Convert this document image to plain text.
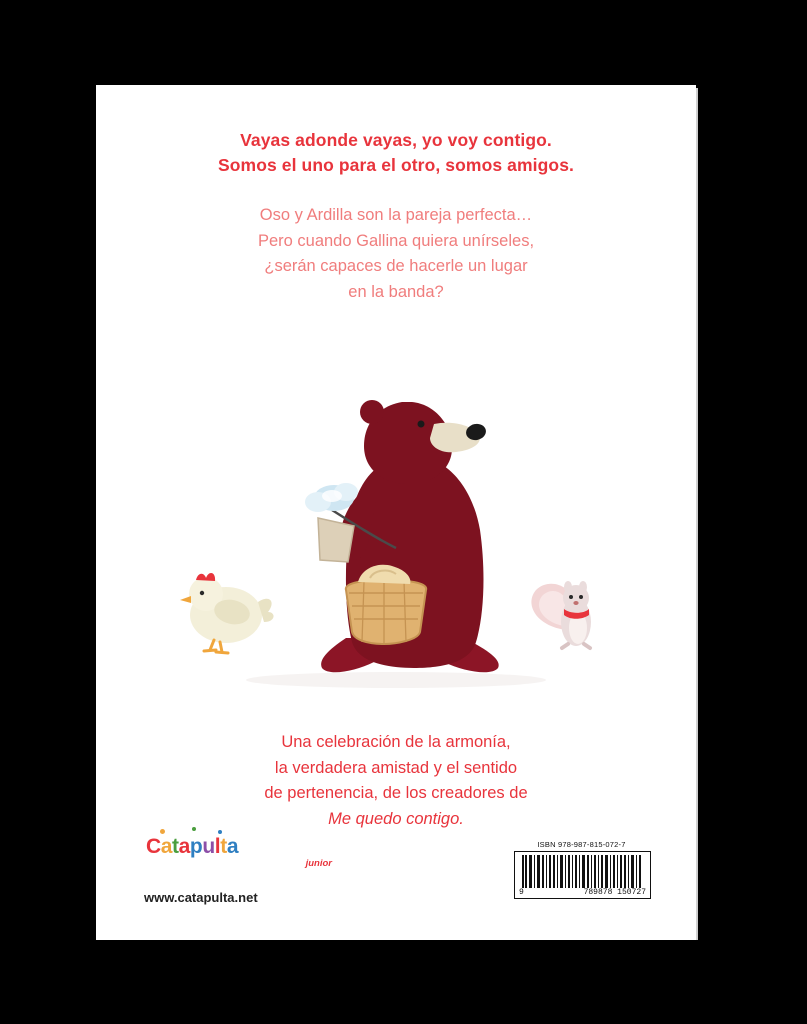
Vayas adonde vayas, yo voy contigo.
Somos el uno para el otro, somos amigos.
Oso y Ardilla son la pareja perfecta…
Pero cuando Gallina quiera unírseles,
¿serán capaces de hacerle un lugar
en la banda?
Una celebración de la armonía,
la verdadera amistad y el sentido
de pertenencia, de los creadores de
Me quedo contigo.
Catapulta
junior
www.catapulta.net
ISBN 978-987-815-072-7
9	789878 150727
